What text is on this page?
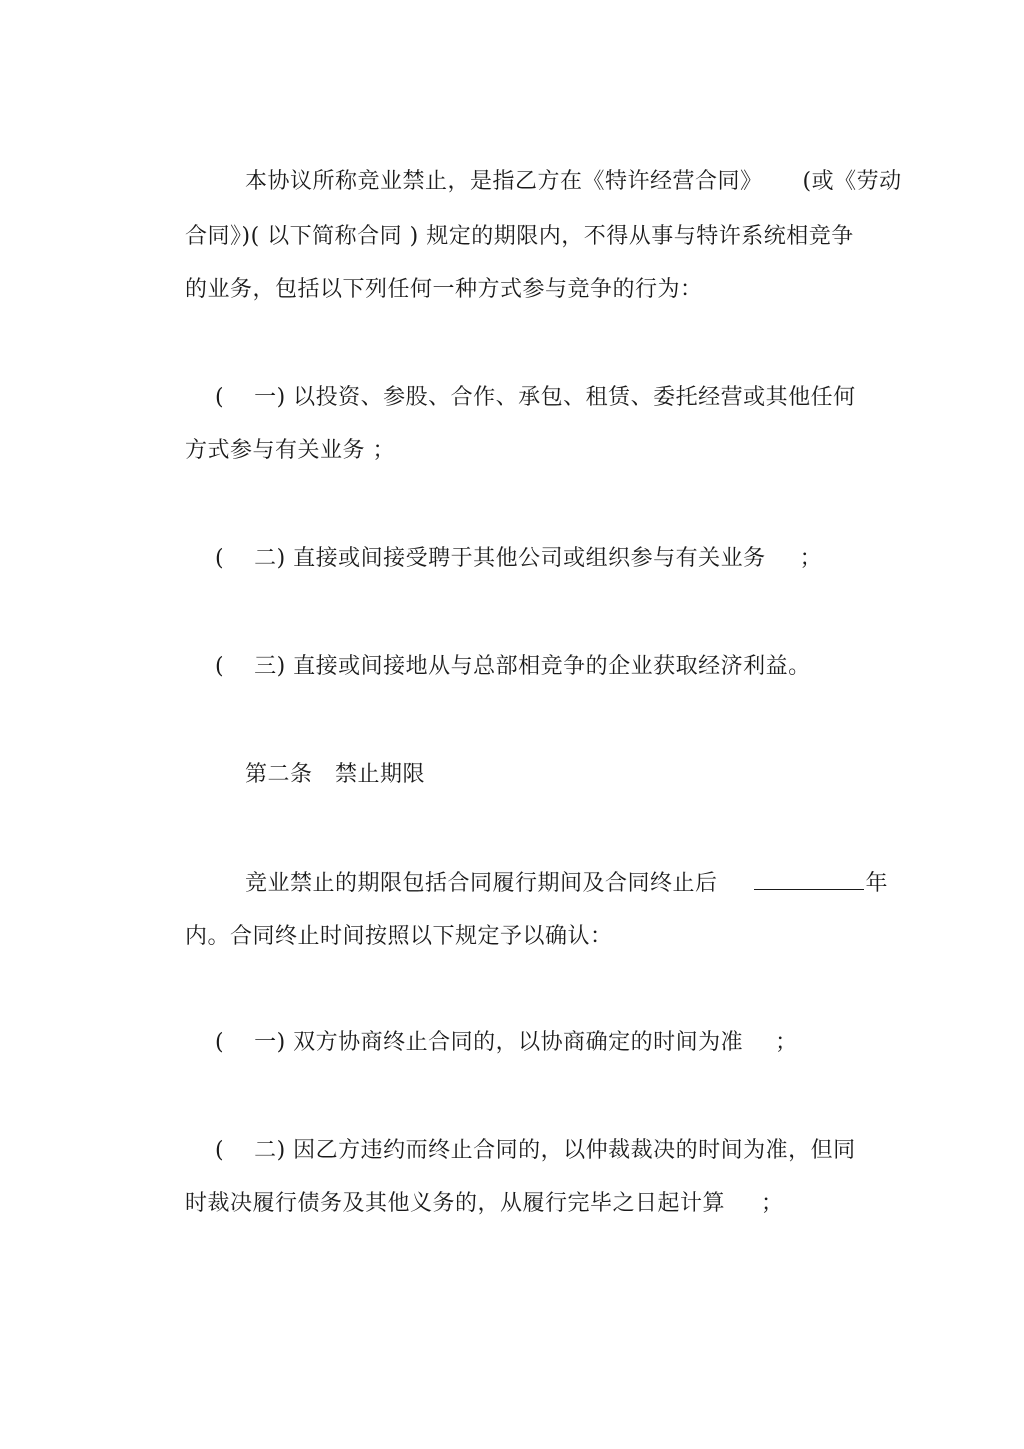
本协议所称竞业禁止，是指乙方在《特许经营合同》 (或《劳动

合同》)( 以下简称合同 ) 规定的期限内，不得从事与特许系统相竞争

的业务，包括以下列任何一种方式参与竞争的行为：

( 一) 以投资、参股、合作、承包、租赁、委托经营或其他任何

方式参与有关业务 ；

( 二) 直接或间接受聘于其他公司或组织参与有关业务 ；

( 三) 直接或间接地从与总部相竞争的企业获取经济利益。

第二条   禁止期限

竞业禁止的期限包括合同履行期间及合同终止后	年

内。合同终止时间按照以下规定予以确认：

( 一) 双方协商终止合同的，以协商确定的时间为准 ；

( 二) 因乙方违约而终止合同的，以仲裁裁决的时间为准，但同

时裁决履行债务及其他义务的，从履行完毕之日起计算 ；
